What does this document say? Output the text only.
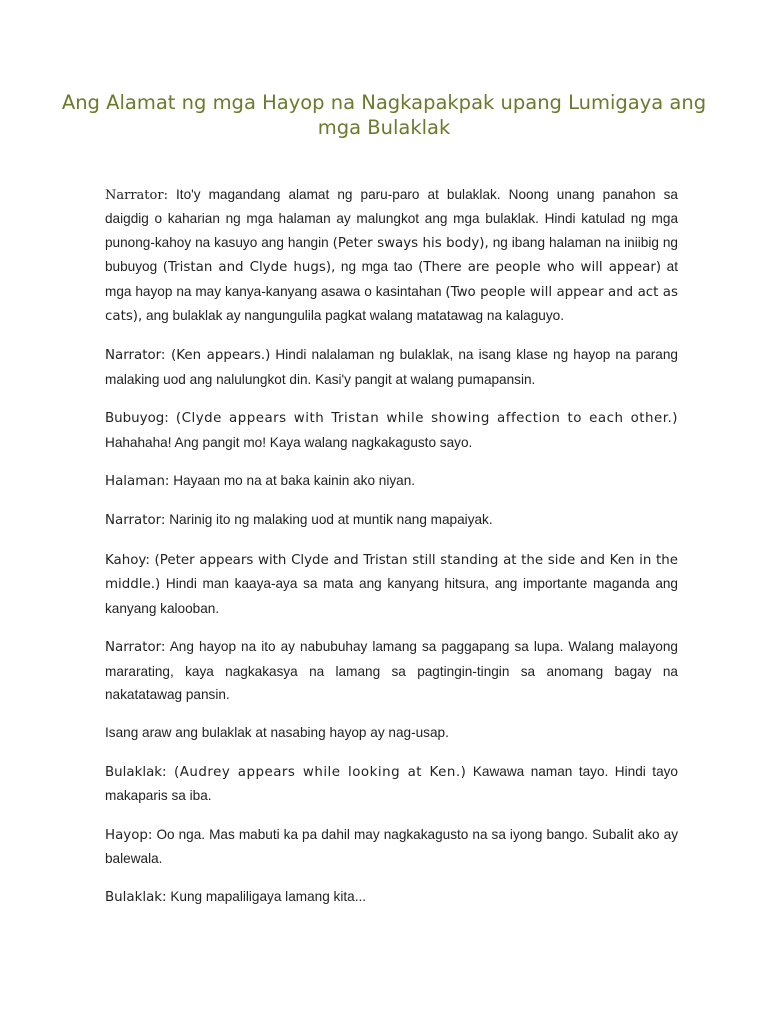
Ang Alamat ng mga Hayop na Nagkapakpak upang Lumigaya ang mga Bulaklak

Narrator: Ito'y magandang alamat ng paru-paro at bulaklak. Noong unang panahon sa daigdig o kaharian ng mga halaman ay malungkot ang mga bulaklak. Hindi katulad ng mga punong-kahoy na kasuyo ang hangin (Peter sways his body), ng ibang halaman na iniibig ng bubuyog (Tristan and Clyde hugs), ng mga tao (There are people who will appear) at mga hayop na may kanya-kanyang asawa o kasintahan (Two people will appear and act as cats), ang bulaklak ay nangungulila pagkat walang matatawag na kalaguyo.

Narrator: (Ken appears.) Hindi nalalaman ng bulaklak, na isang klase ng hayop na parang malaking uod ang nalulungkot din. Kasi'y pangit at walang pumapansin.

Bubuyog: (Clyde appears with Tristan while showing affection to each other.) Hahahaha! Ang pangit mo! Kaya walang nagkakagusto sayo.

Halaman: Hayaan mo na at baka kainin ako niyan.

Narrator: Narinig ito ng malaking uod at muntik nang mapaiyak.

Kahoy: (Peter appears with Clyde and Tristan still standing at the side and Ken in the middle.) Hindi man kaaya-aya sa mata ang kanyang hitsura, ang importante maganda ang kanyang kalooban.

Narrator: Ang hayop na ito ay nabubuhay lamang sa paggapang sa lupa. Walang malayong mararating, kaya nagkakasya na lamang sa pagtingin-tingin sa anomang bagay na nakatatawag pansin.

Isang araw ang bulaklak at nasabing hayop ay nag-usap.

Bulaklak: (Audrey appears while looking at Ken.) Kawawa naman tayo. Hindi tayo makaparis sa iba.

Hayop: Oo nga. Mas mabuti ka pa dahil may nagkakagusto na sa iyong bango. Subalit ako ay balewala.

Bulaklak: Kung mapaliligaya lamang kita...
